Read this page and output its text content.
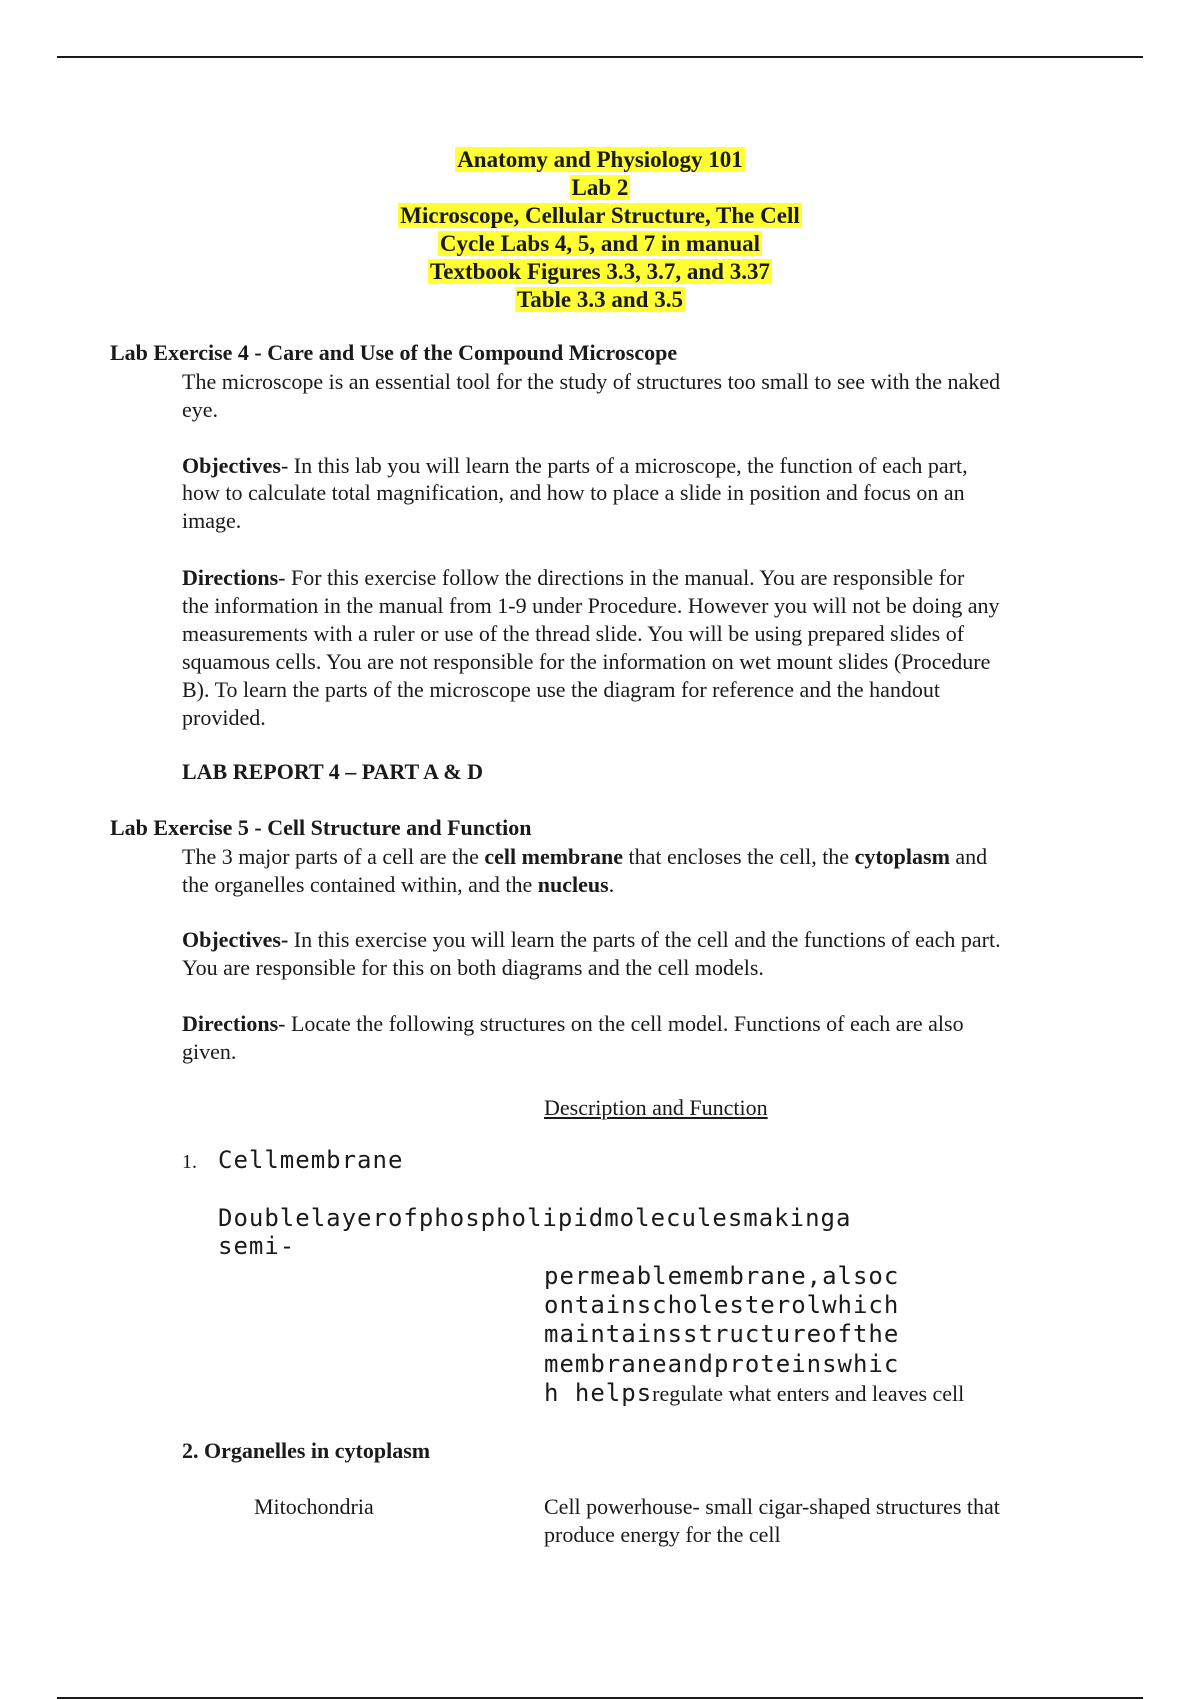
Anatomy and Physiology 101
Lab 2
Microscope, Cellular Structure, The Cell
Cycle Labs 4, 5, and 7 in manual
Textbook Figures 3.3, 3.7, and 3.37
Table 3.3 and 3.5
Lab Exercise 4 - Care and Use of the Compound Microscope
The microscope is an essential tool for the study of structures too small to see with the naked
eye.
Objectives- In this lab you will learn the parts of a microscope, the function of each part,
how to calculate total magnification, and how to place a slide in position and focus on an
image.
Directions- For this exercise follow the directions in the manual. You are responsible for
the information in the manual from 1-9 under Procedure. However you will not be doing any
measurements with a ruler or use of the thread slide. You will be using prepared slides of
squamous cells. You are not responsible for the information on wet mount slides (Procedure
B). To learn the parts of the microscope use the diagram for reference and the handout
provided.
LAB REPORT 4 – PART A & D
Lab Exercise 5 - Cell Structure and Function
The 3 major parts of a cell are the cell membrane that encloses the cell, the cytoplasm and
the organelles contained within, and the nucleus.
Objectives- In this exercise you will learn the parts of the cell and the functions of each part.
You are responsible for this on both diagrams and the cell models.
Directions- Locate the following structures on the cell model. Functions of each are also
given.
Description and Function
1. Cellmembrane
Doublelayerofphospholipidmoleculesmakinga
semi-
permeablemembrane,alsoc
ontainscholesterolwhich
maintainsstructureofthe
membraneandproteinswhic
h helpsregulate what enters and leaves cell
2. Organelles in cytoplasm
Mitochondria	Cell powerhouse- small cigar-shaped structures that
produce energy for the cell
